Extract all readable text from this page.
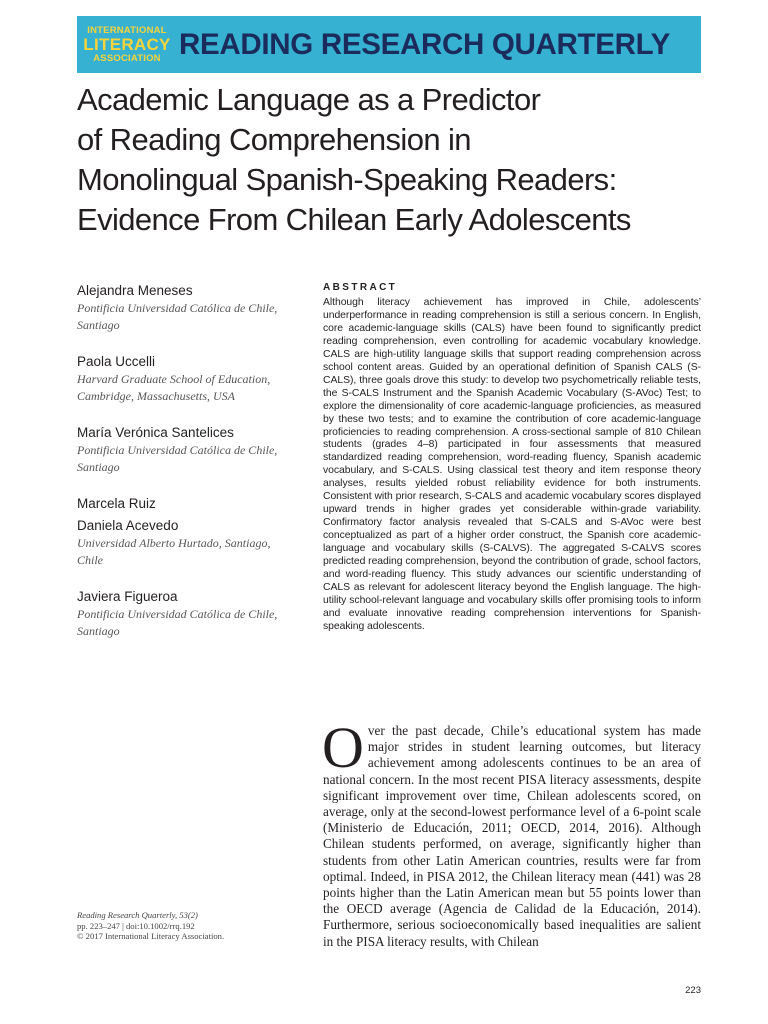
INTERNATIONAL
LITERACY
ASSOCIATION READING RESEARCH QUARTERLY
Academic Language as a Predictor
of Reading Comprehension in
Monolingual Spanish-Speaking Readers:
Evidence From Chilean Early Adolescents
Alejandra Meneses
Pontificia Universidad Católica de Chile,
Santiago
Paola Uccelli
Harvard Graduate School of Education,
Cambridge, Massachusetts, USA
María Verónica Santelices
Pontificia Universidad Católica de Chile,
Santiago
Marcela Ruiz
Daniela Acevedo
Universidad Alberto Hurtado, Santiago,
Chile
Javiera Figueroa
Pontificia Universidad Católica de Chile,
Santiago
ABSTRACT

Although literacy achievement has improved in Chile, adolescents’ underperformance in reading comprehension is still a serious concern. In English, core academic-language skills (CALS) have been found to significantly predict reading comprehension, even controlling for academic vocabulary knowledge. CALS are high-utility language skills that support reading comprehension across school content areas. Guided by an operational definition of Spanish CALS (S-CALS), three goals drove this study: to develop two psychometrically reliable tests, the S-CALS Instrument and the Spanish Academic Vocabulary (S-AVoc) Test; to explore the dimensionality of core academic-language proficiencies, as measured by these two tests; and to examine the contribution of core academic-language proficiencies to reading comprehension. A cross-sectional sample of 810 Chilean students (grades 4–8) participated in four assessments that measured standardized reading comprehension, word-reading fluency, Spanish academic vocabulary, and S-CALS. Using classical test theory and item response theory analyses, results yielded robust reliability evidence for both instruments. Consistent with prior research, S-CALS and academic vocabulary scores displayed upward trends in higher grades yet considerable within-grade variability. Confirmatory factor analysis revealed that S-CALS and S-AVoc were best conceptualized as part of a higher order construct, the Spanish core academic-language and vocabulary skills (S-CALVS). The aggregated S-CALVS scores predicted reading comprehension, beyond the contribution of grade, school factors, and word-reading fluency. This study advances our scientific understanding of CALS as relevant for adolescent literacy beyond the English language. The high-utility school-relevant language and vocabulary skills offer promising tools to inform and evaluate innovative reading comprehension interventions for Spanish-speaking adolescents.

Over the past decade, Chile’s educational system has made major strides in student learning outcomes, but literacy achievement among adolescents continues to be an area of national concern. In the most recent PISA literacy assessments, despite significant improvement over time, Chilean adolescents scored, on average, only at the second-lowest performance level of a 6-point scale (Ministerio de Educación, 2011; OECD, 2014, 2016). Although Chilean students performed, on average, significantly higher than students from other Latin American countries, results were far from optimal. Indeed, in PISA 2012, the Chilean literacy mean (441) was 28 points higher than the Latin American mean but 55 points lower than the OECD average (Agencia de Calidad de la Educación, 2014). Furthermore, serious socioeconomically based inequalities are salient in the PISA literacy results, with Chilean

Reading Research Quarterly, 53(2)
pp. 223–247 | doi:10.1002/rrq.192
© 2017 International Literacy Association.
223
